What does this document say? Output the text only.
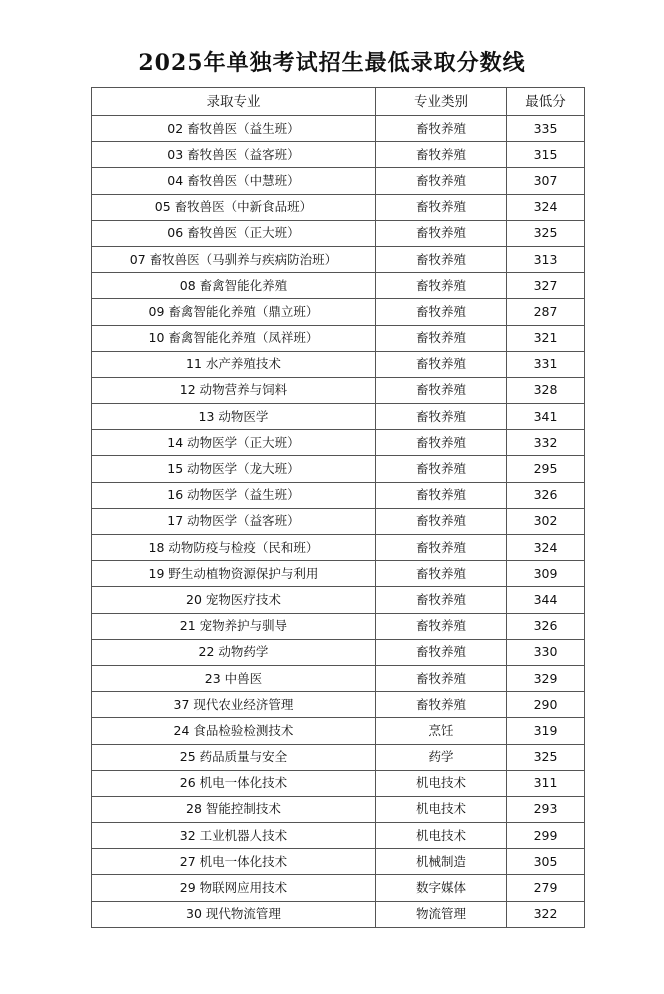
2025年单独考试招生最低录取分数线
录取专业	专业类别	最低分
02 畜牧兽医（益生班）	畜牧养殖	335
03 畜牧兽医（益客班）	畜牧养殖	315
04 畜牧兽医（中慧班）	畜牧养殖	307
05 畜牧兽医（中新食品班）	畜牧养殖	324
06 畜牧兽医（正大班）	畜牧养殖	325
07 畜牧兽医（马驯养与疾病防治班）	畜牧养殖	313
08 畜禽智能化养殖	畜牧养殖	327
09 畜禽智能化养殖（鼎立班）	畜牧养殖	287
10 畜禽智能化养殖（凤祥班）	畜牧养殖	321
11 水产养殖技术	畜牧养殖	331
12 动物营养与饲料	畜牧养殖	328
13 动物医学	畜牧养殖	341
14 动物医学（正大班）	畜牧养殖	332
15 动物医学（龙大班）	畜牧养殖	295
16 动物医学（益生班）	畜牧养殖	326
17 动物医学（益客班）	畜牧养殖	302
18 动物防疫与检疫（民和班）	畜牧养殖	324
19 野生动植物资源保护与利用	畜牧养殖	309
20 宠物医疗技术	畜牧养殖	344
21 宠物养护与驯导	畜牧养殖	326
22 动物药学	畜牧养殖	330
23 中兽医	畜牧养殖	329
37 现代农业经济管理	畜牧养殖	290
24 食品检验检测技术	烹饪	319
25 药品质量与安全	药学	325
26 机电一体化技术	机电技术	311
28 智能控制技术	机电技术	293
32 工业机器人技术	机电技术	299
27 机电一体化技术	机械制造	305
29 物联网应用技术	数字媒体	279
30 现代物流管理	物流管理	322
